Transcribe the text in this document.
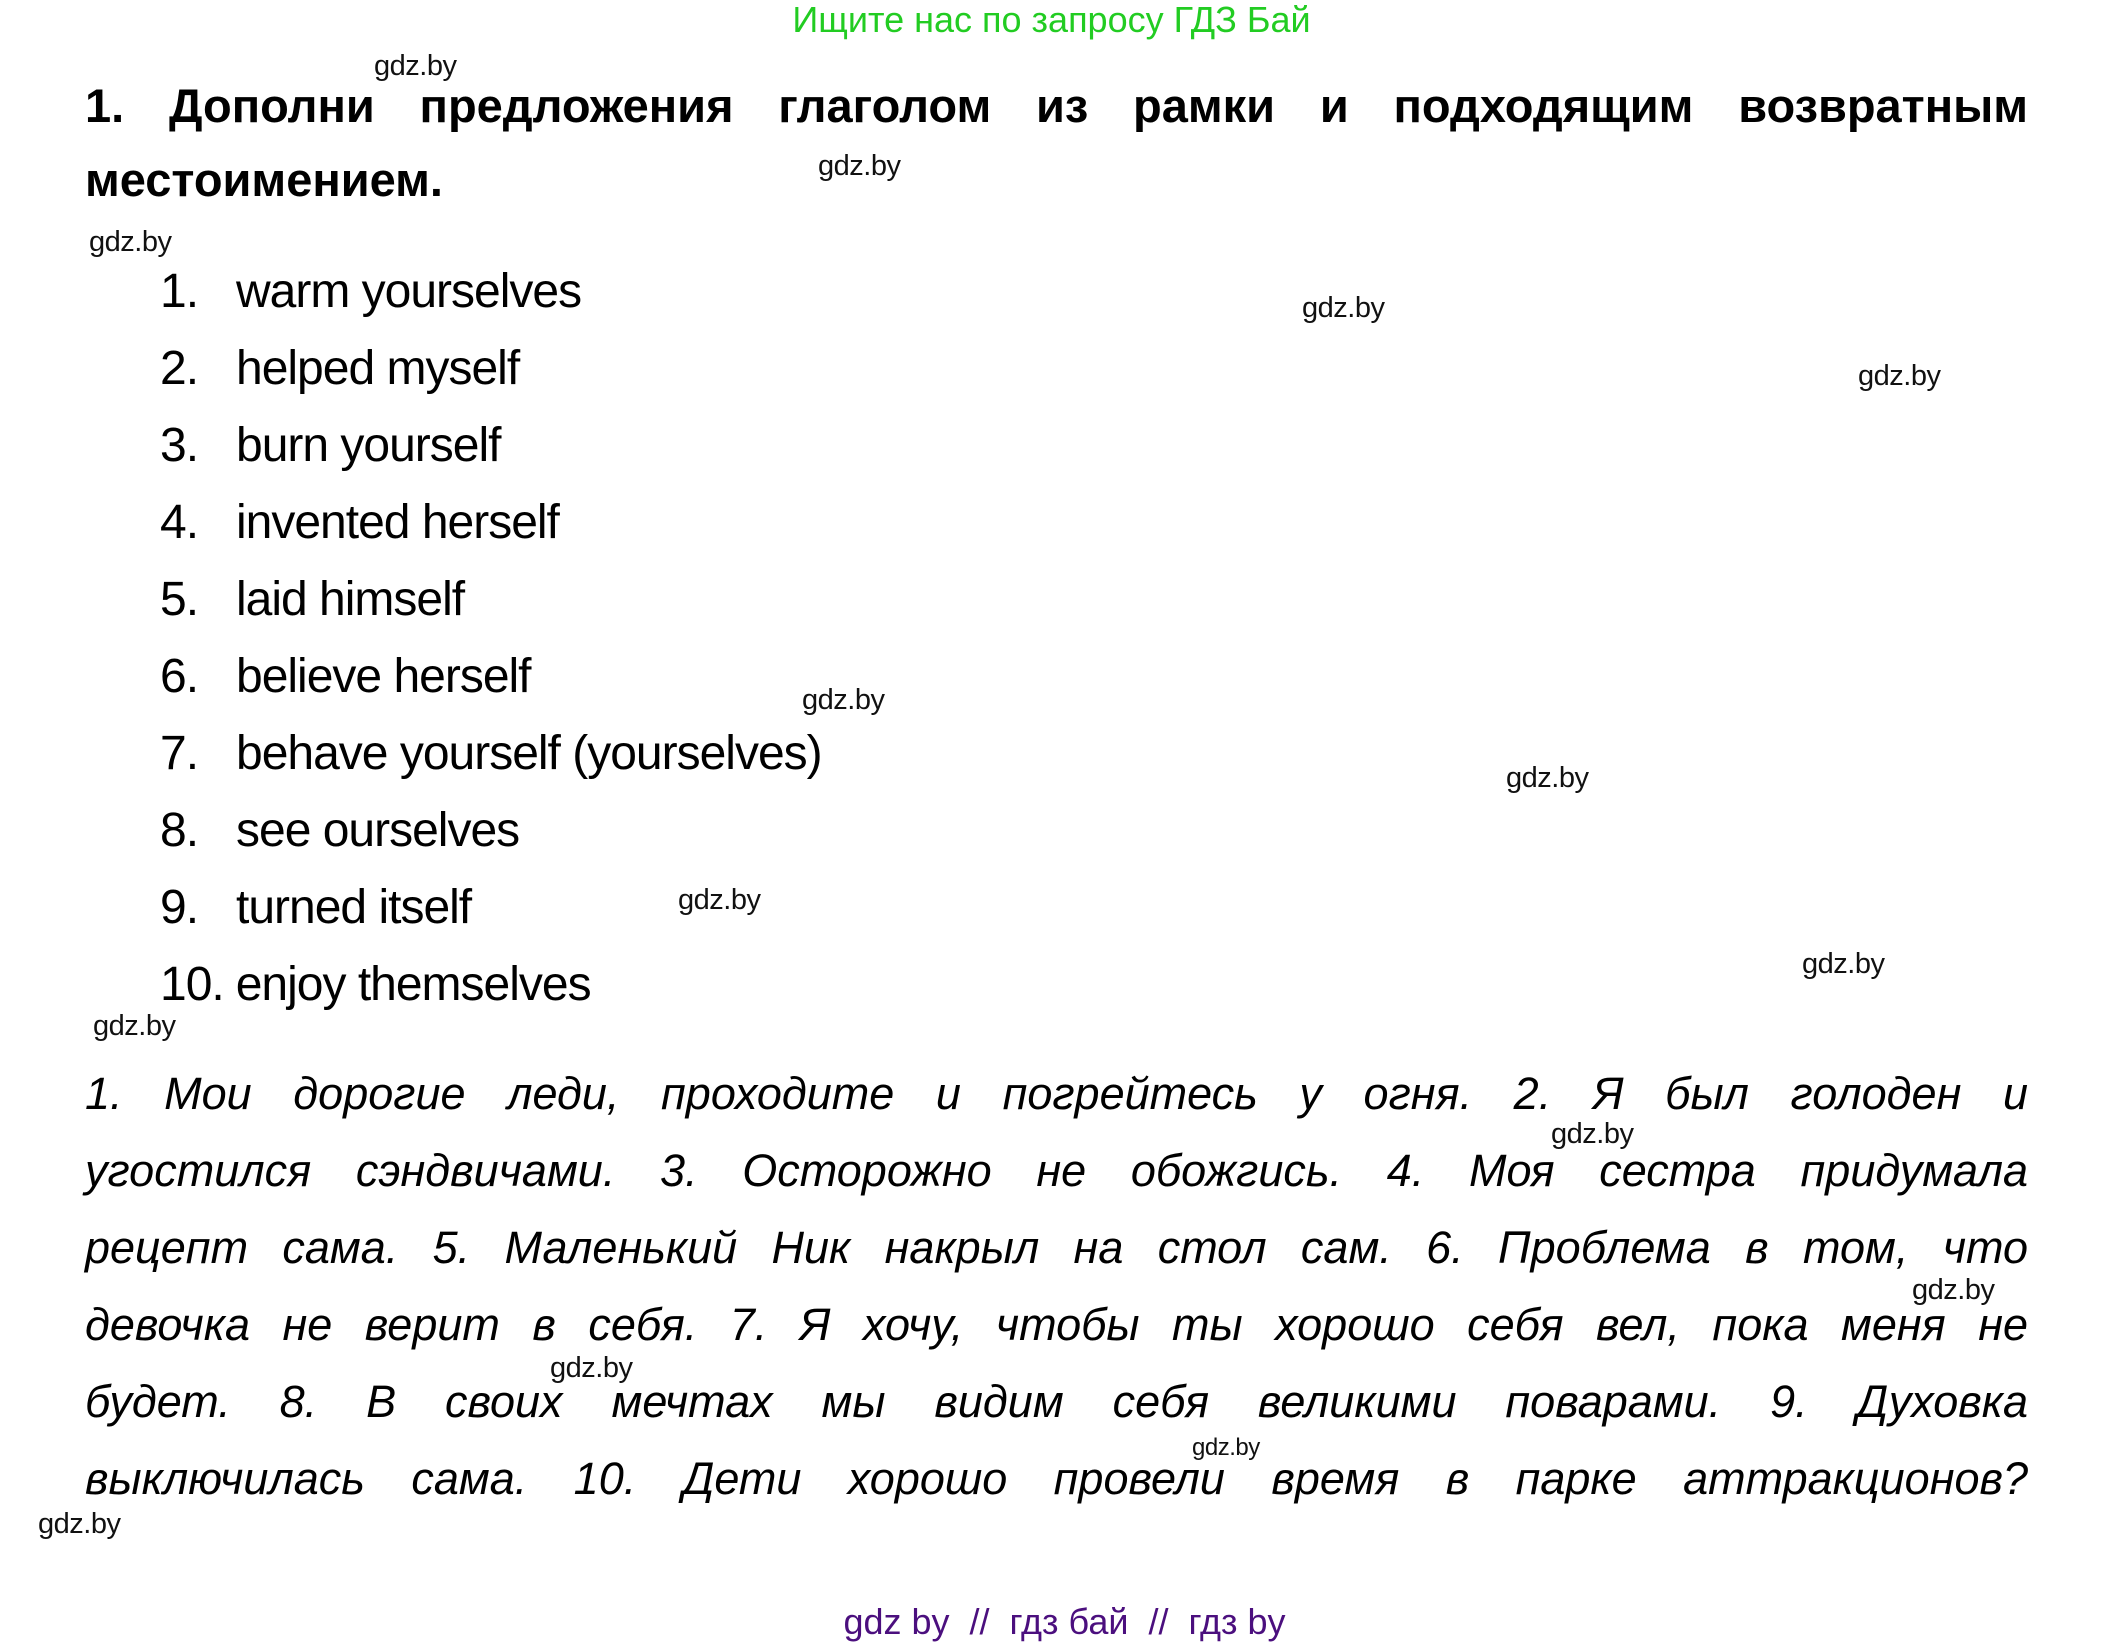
Ищите нас по запросу ГДЗ Бай
1. Дополни предложения глаголом из рамки и подходящим возвратным
местоимением.
1. warm yourselves
2. helped myself
3. burn yourself
4. invented herself
5. laid himself
6. believe herself
7. behave yourself (yourselves)
8. see ourselves
9. turned itself
10. enjoy themselves
1. Мои дорогие леди, проходите и погрейтесь у огня. 2. Я был голоден и
угостился сэндвичами. 3. Осторожно не обожгись. 4. Моя сестра придумала
рецепт сама. 5. Маленький Ник накрыл на стол сам. 6. Проблема в том, что
девочка не верит в себя. 7. Я хочу, чтобы ты хорошо себя вел, пока меня не
будет. 8. В своих мечтах мы видим себя великими поварами. 9. Духовка
выключилась сама. 10. Дети хорошо провели время в парке аттракционов?
gdz.by
gdz.by
gdz.by
gdz.by
gdz.by
gdz.by
gdz.by
gdz.by
gdz.by
gdz.by
gdz.by
gdz.by
gdz.by
gdz.by
gdz.by

gdz by  //  гдз бай  //  гдз by
